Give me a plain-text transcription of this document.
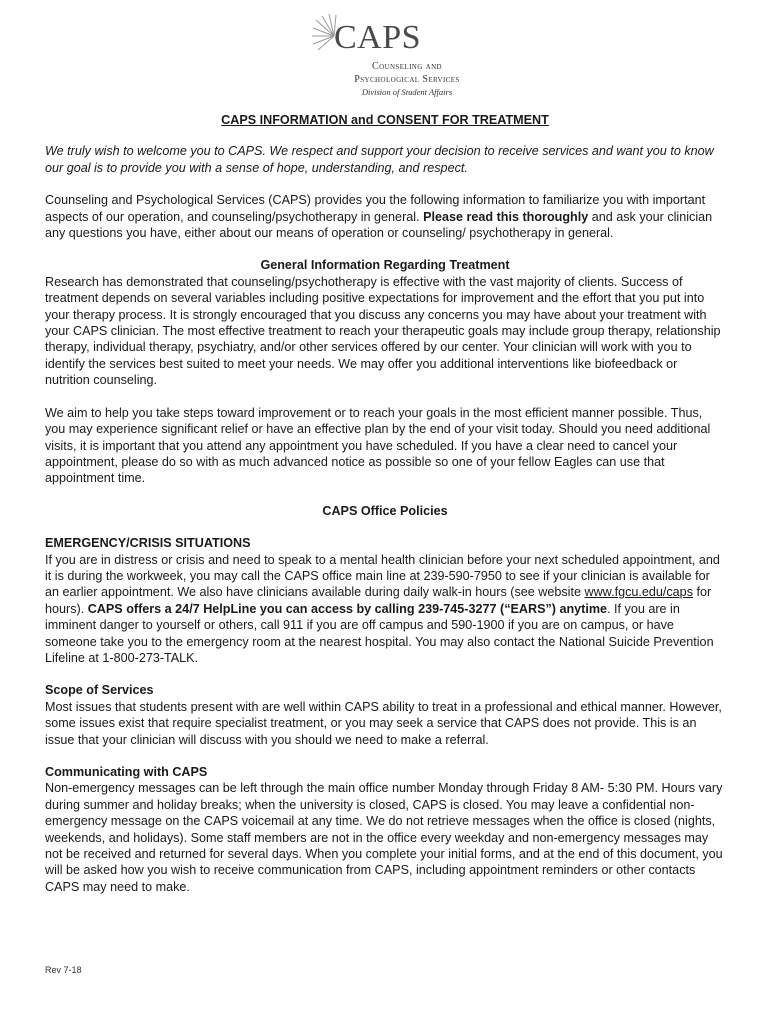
CAPS
Counseling and
Psychological Services
Division of Student Affairs
CAPS INFORMATION and CONSENT FOR TREATMENT

We truly wish to welcome you to CAPS. We respect and support your decision to receive services and want you to know our goal is to provide you with a sense of hope, understanding, and respect.

Counseling and Psychological Services (CAPS) provides you the following information to familiarize you with important aspects of our operation, and counseling/psychotherapy in general. Please read this thoroughly and ask your clinician any questions you have, either about our means of operation or counseling/ psychotherapy in general.

General Information Regarding Treatment

Research has demonstrated that counseling/psychotherapy is effective with the vast majority of clients. Success of treatment depends on several variables including positive expectations for improvement and the effort that you put into your therapy process. It is strongly encouraged that you discuss any concerns you may have about your treatment with your CAPS clinician. The most effective treatment to reach your therapeutic goals may include group therapy, relationship therapy, individual therapy, psychiatry, and/or other services offered by our center. Your clinician will work with you to identify the services best suited to meet your needs. We may offer you additional interventions like biofeedback or nutrition counseling.

We aim to help you take steps toward improvement or to reach your goals in the most efficient manner possible. Thus, you may experience significant relief or have an effective plan by the end of your visit today. Should you need additional visits, it is important that you attend any appointment you have scheduled. If you have a clear need to cancel your appointment, please do so with as much advanced notice as possible so one of your fellow Eagles can use that appointment time.

CAPS Office Policies
EMERGENCY/CRISIS SITUATIONS

If you are in distress or crisis and need to speak to a mental health clinician before your next scheduled appointment, and it is during the workweek, you may call the CAPS office main line at 239-590-7950 to see if your clinician is available for an earlier appointment. We also have clinicians available during daily walk-in hours (see website www.fgcu.edu/caps for hours). CAPS offers a 24/7 HelpLine you can access by calling 239-745-3277 (“EARS”) anytime. If you are in imminent danger to yourself or others, call 911 if you are off campus and 590-1900 if you are on campus, or have someone take you to the emergency room at the nearest hospital. You may also contact the National Suicide Prevention Lifeline at 1-800-273-TALK.

Scope of Services

Most issues that students present with are well within CAPS ability to treat in a professional and ethical manner. However, some issues exist that require specialist treatment, or you may seek a service that CAPS does not provide. This is an issue that your clinician will discuss with you should we need to make a referral.

Communicating with CAPS

Non-emergency messages can be left through the main office number Monday through Friday 8 AM- 5:30 PM. Hours vary during summer and holiday breaks; when the university is closed, CAPS is closed. You may leave a confidential non-emergency message on the CAPS voicemail at any time. We do not retrieve messages when the office is closed (nights, weekends, and holidays). Some staff members are not in the office every weekday and non-emergency messages may not be received and returned for several days. When you complete your initial forms, and at the end of this document, you will be asked how you wish to receive communication from CAPS, including appointment reminders or other contacts CAPS may need to make.

Rev 7-18
